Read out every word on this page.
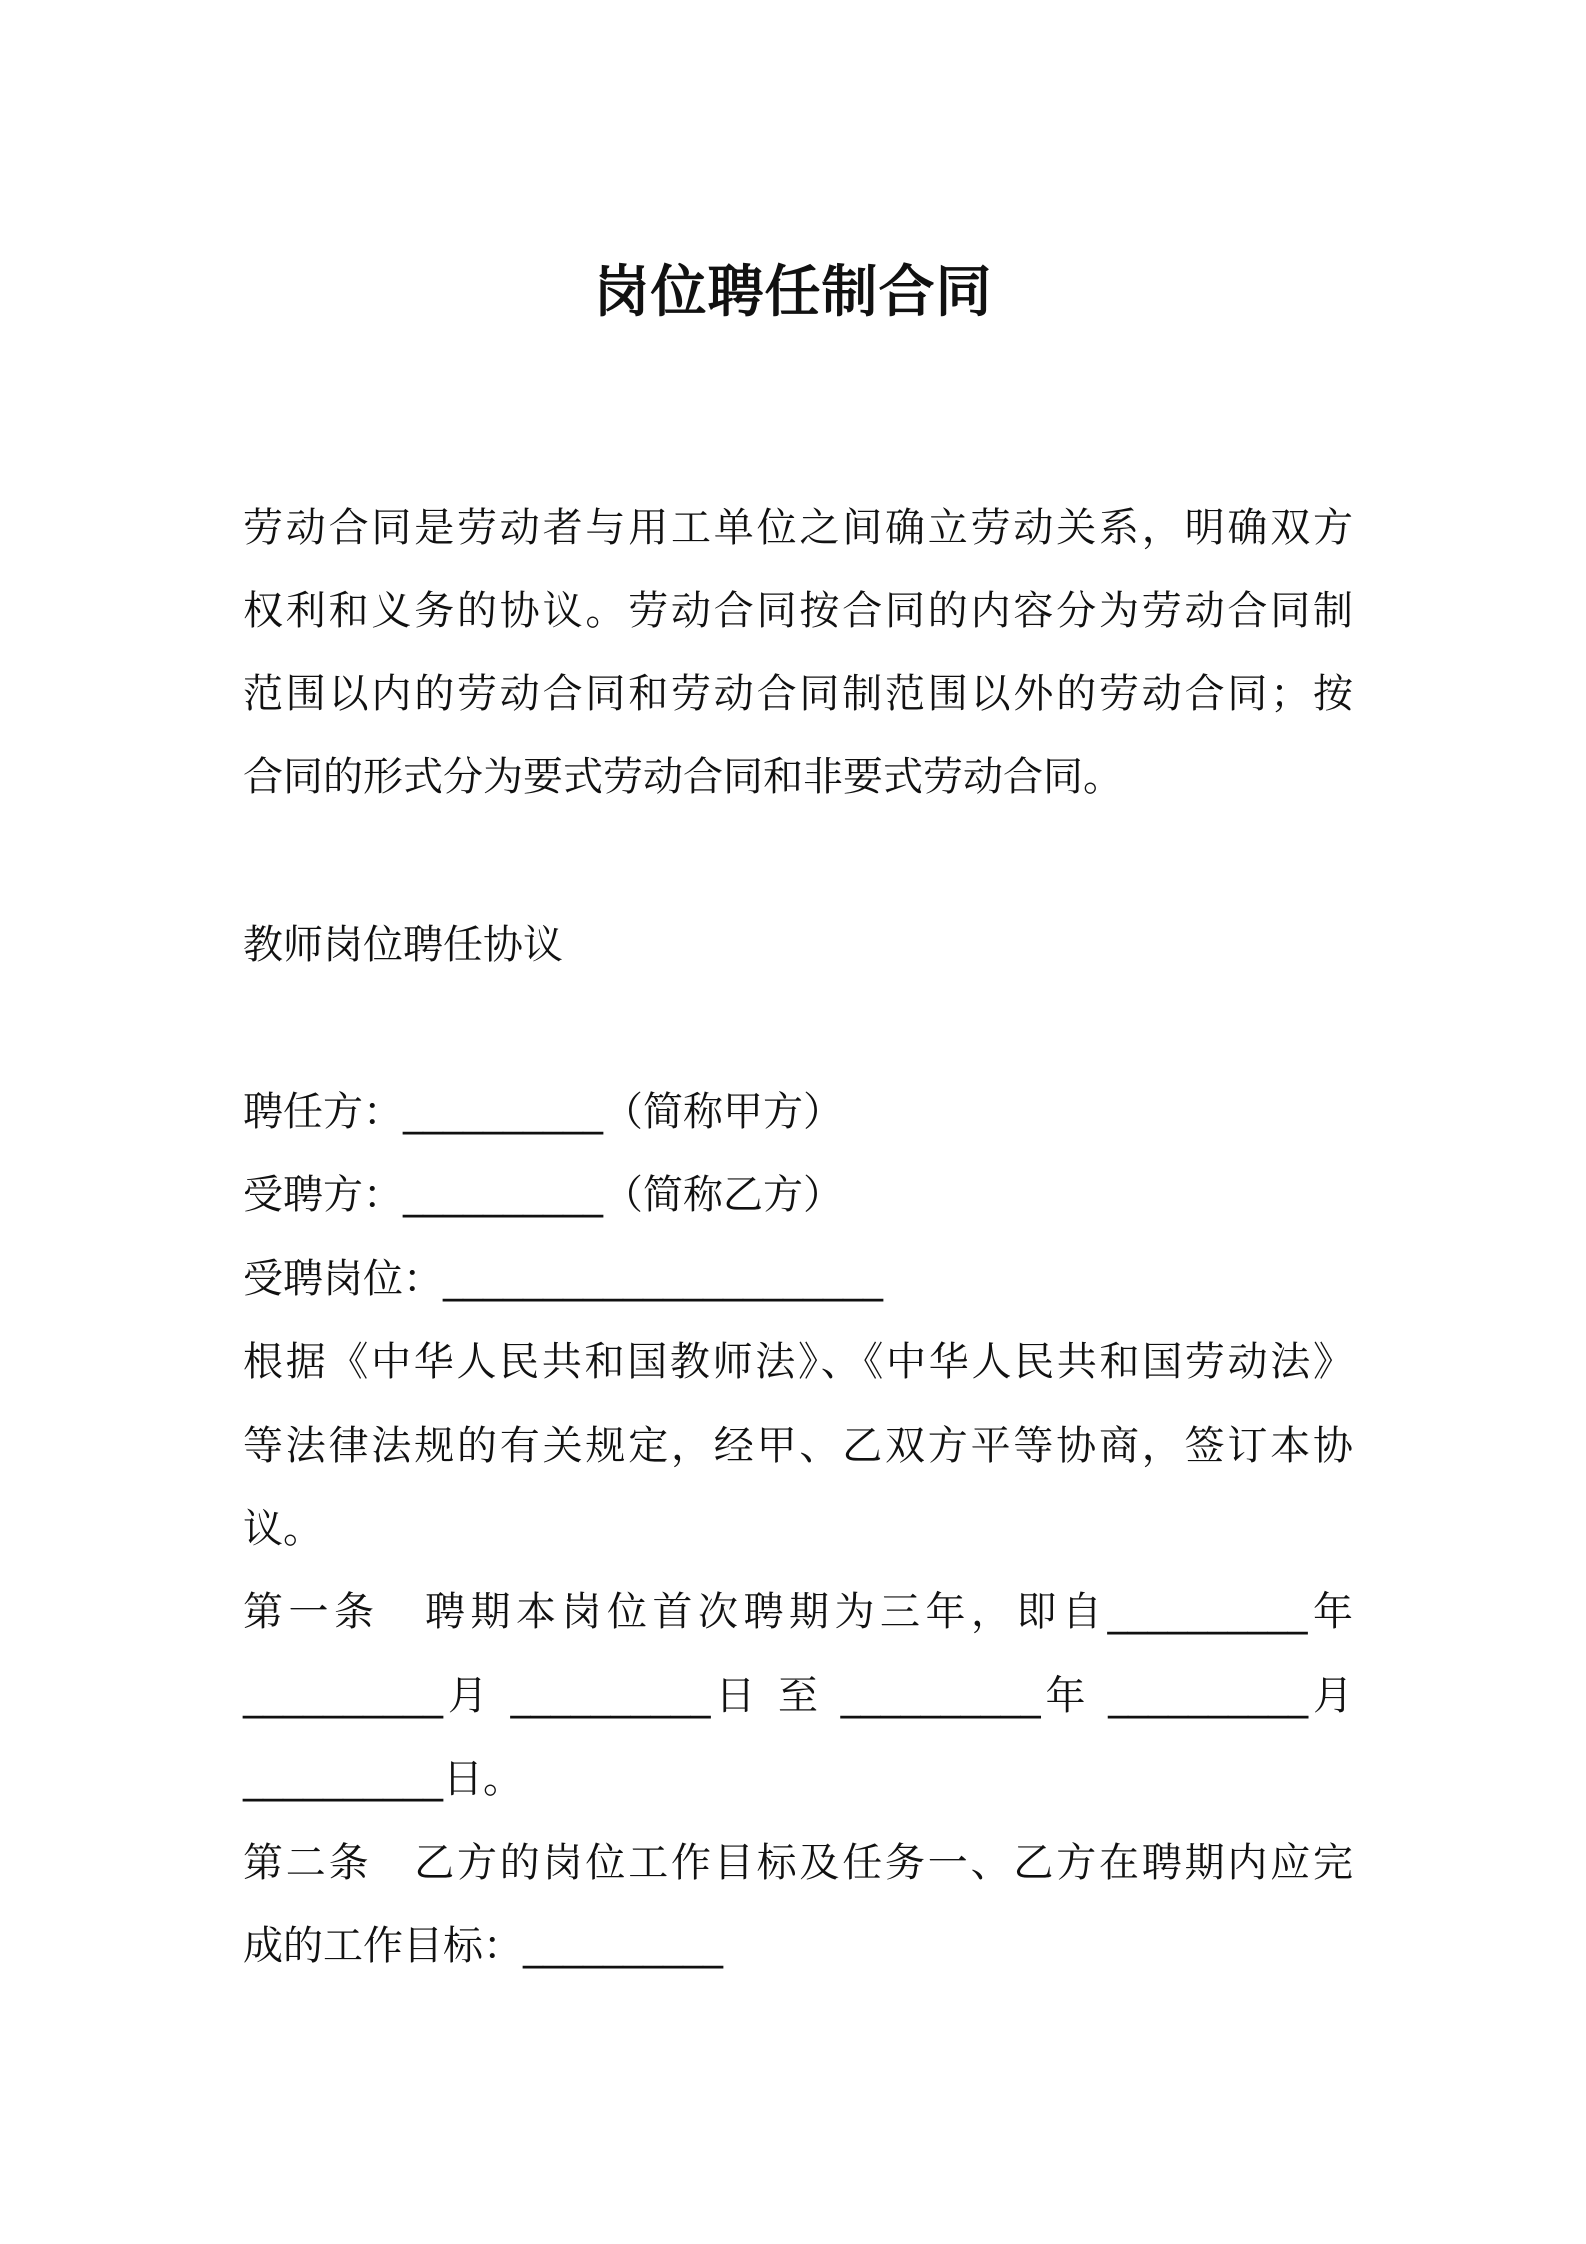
岗位聘任制合同
劳动合同是劳动者与用工单位之间确立劳动关系，明确双方
权利和义务的协议。劳动合同按合同的内容分为劳动合同制
范围以内的劳动合同和劳动合同制范围以外的劳动合同；按
合同的形式分为要式劳动合同和非要式劳动合同。
教师岗位聘任协议
聘任方：__________（简称甲方）
受聘方：__________（简称乙方）
受聘岗位：______________________
根据《中华人民共和国教师法》、《中华人民共和国劳动法》
等法律法规的有关规定，经甲、乙双方平等协商，签订本协
议。
第一条　聘期本岗位首次聘期为三年，即自__________年
__________月 __________日 至 __________年 __________月
__________日。
第二条　乙方的岗位工作目标及任务一、乙方在聘期内应完
成的工作目标：__________
